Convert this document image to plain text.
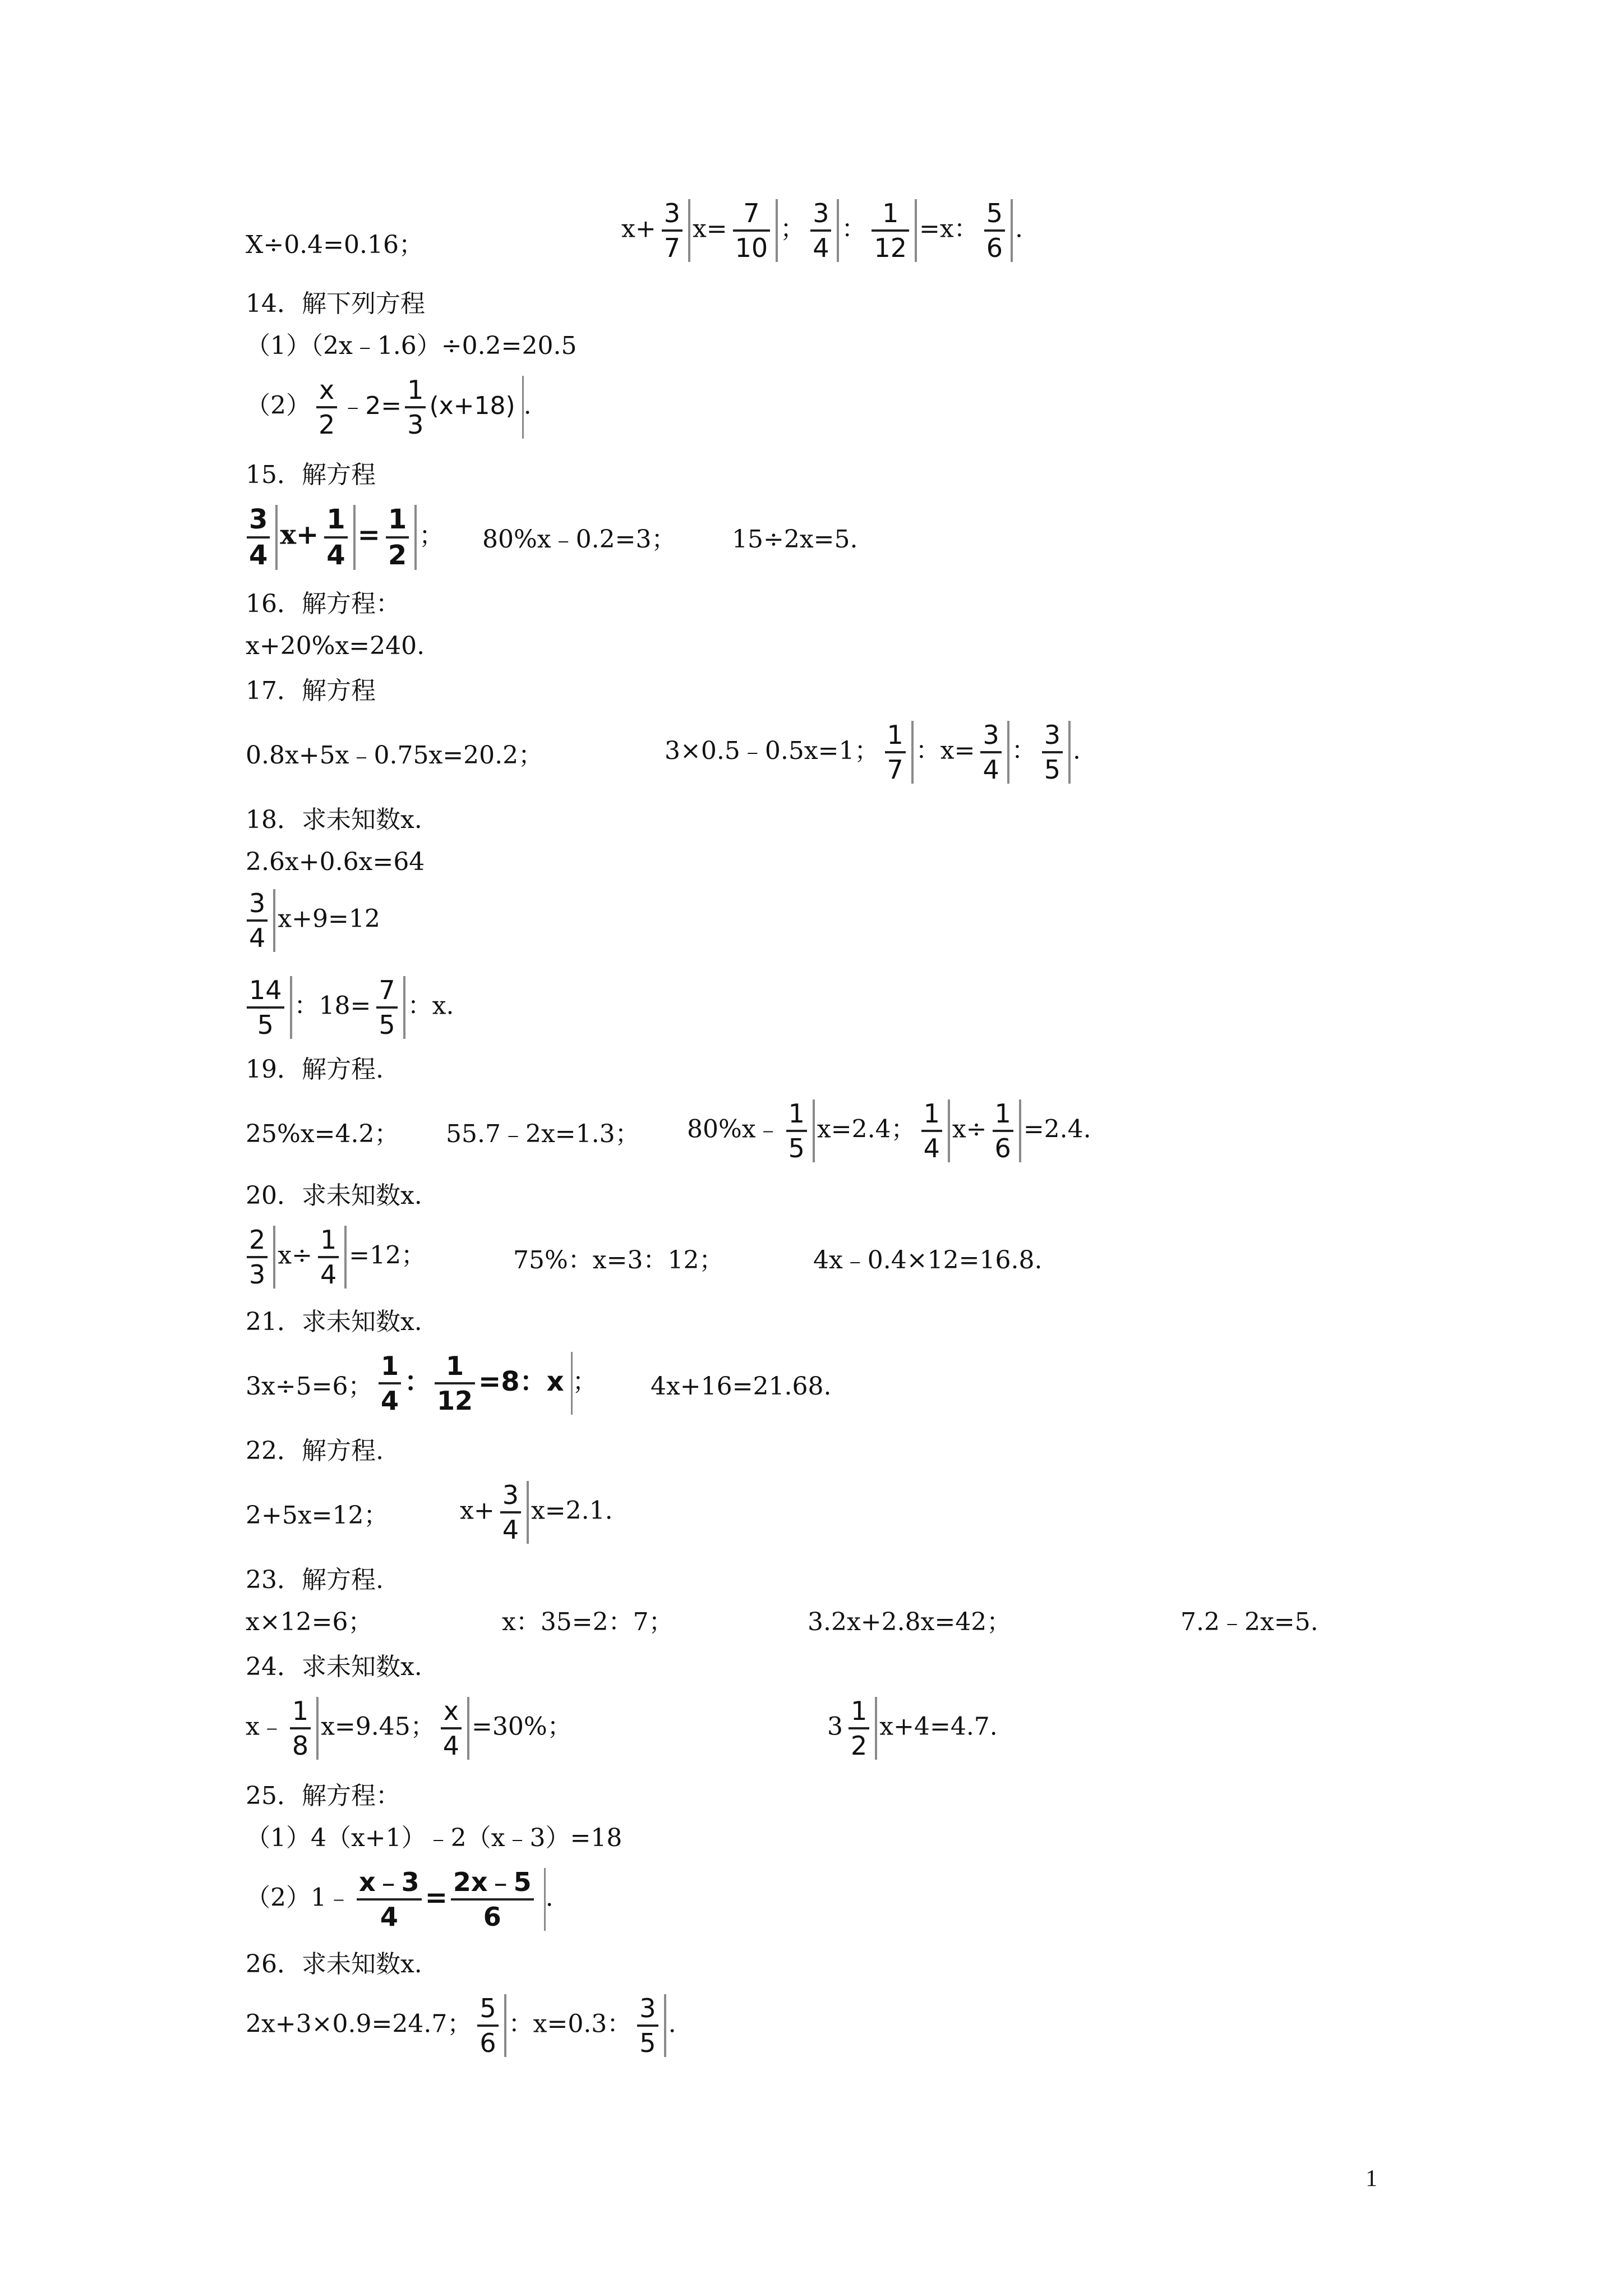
X÷0.4=0.16；
$x+ \frac{3}{7} x= \frac{7}{10}$ ； $\frac{3}{4}$ ： $\frac{1}{12} =x$： $\frac{5}{6}$ .
14．解下列方程
（1）（2x﹣1.6）÷0.2=20.5
$(2) \frac{x}{2}$ ﹣2= $\frac{1}{3} (x+18)$ .
15．解方程
$\frac{3}{4} x+ \frac{1}{4} = \frac{1}{2}$ ； 80%x﹣0.2=3； 15÷2x=5.
16．解方程：
x+20%x=240.
17．解方程
0.8x+5x﹣0.75x=20.2；	3×0.5﹣0.5x=1； $\frac{1}{7}$ ：$x= \frac{3}{4}$ ： $\frac{3}{5}$ .
18．求未知数x.
2.6x+0.6x=64
$\frac{3}{4} x+9=12$
$\frac{14}{5}$ ：$18= \frac{7}{5}$ ：x.
19．解方程.
25%x=4.2； 55.7﹣2x=1.3； 80%x﹣ $\frac{1}{5} x=2.4$； $\frac{1}{4} x\div \frac{1}{6} =2.4$.
20．求未知数x.
$\frac{2}{3} x\div \frac{1}{4} =12$；	75%：x=3：12；	4x﹣0.4×12=16.8.
21．求未知数x.
3x÷5=6； $\frac{1}{4}$ ： $\frac{1}{12} =8$：x ； 4x+16=21.68.
22．解方程.
2+5x=12；	$x+ \frac{3}{4} x=2.1$.
23．解方程.
x×12=6；	x：35=2：7；	3.2x+2.8x=42；	7.2﹣2x=5.
24．求未知数x.
x﹣ $\frac{1}{8} x=9.45$； $\frac{x}{4} =30\%$；	$3 \frac{1}{2} x+4=4.7$.
25．解方程：
（1）4（x+1）﹣2（x﹣3）=18
（2）1﹣ $\frac{x﹣3}{4} = \frac{2x﹣5}{6}$ .
26．求未知数x.
2x+3×0.9=24.7； $\frac{5}{6}$ ：x=0.3： $\frac{3}{5}$ .
1
